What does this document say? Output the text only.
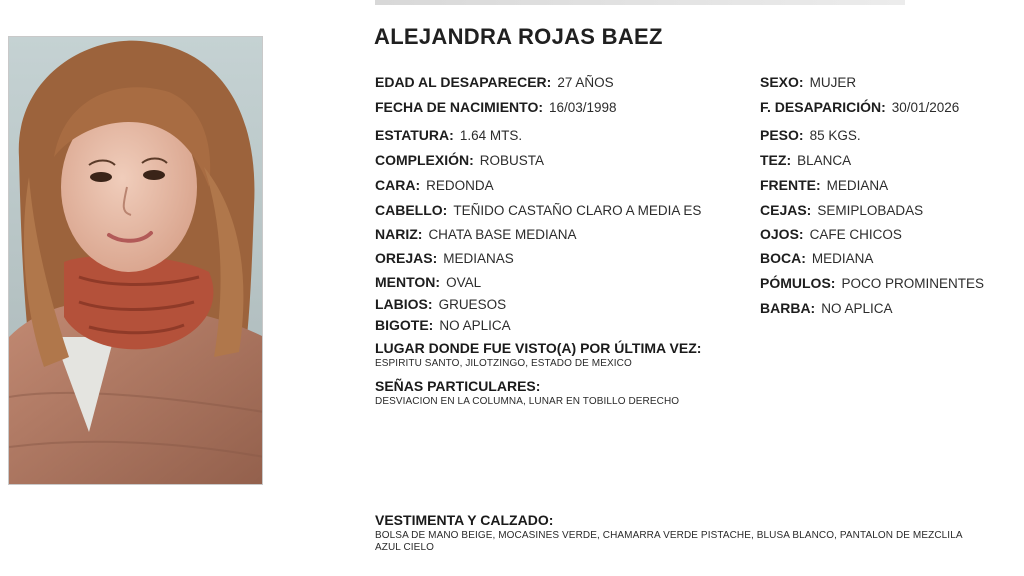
ALEJANDRA ROJAS BAEZ
EDAD AL DESAPARECER: 27 AÑOS
FECHA DE NACIMIENTO: 16/03/1998
ESTATURA: 1.64 MTS.
COMPLEXIÓN: ROBUSTA
CARA: REDONDA
CABELLO: TEÑIDO CASTAÑO CLARO A MEDIA ES
NARIZ: CHATA BASE MEDIANA
OREJAS: MEDIANAS
MENTON: OVAL
LABIOS: GRUESOS
BIGOTE: NO APLICA
SEXO: MUJER
F. DESAPARICIÓN: 30/01/2026
PESO: 85 KGS.
TEZ: BLANCA
FRENTE: MEDIANA
CEJAS: SEMIPLOBADAS
OJOS: CAFE CHICOS
BOCA: MEDIANA
PÓMULOS: POCO PROMINENTES
BARBA: NO APLICA
LUGAR DONDE FUE VISTO(A) POR ÚLTIMA VEZ:
ESPIRITU SANTO, JILOTZINGO, ESTADO DE MEXICO
SEÑAS PARTICULARES:
DESVIACION EN LA COLUMNA, LUNAR EN TOBILLO DERECHO
VESTIMENTA Y CALZADO:
BOLSA DE MANO BEIGE, MOCASINES VERDE, CHAMARRA VERDE PISTACHE, BLUSA BLANCO, PANTALON DE MEZCLILA AZUL CIELO
